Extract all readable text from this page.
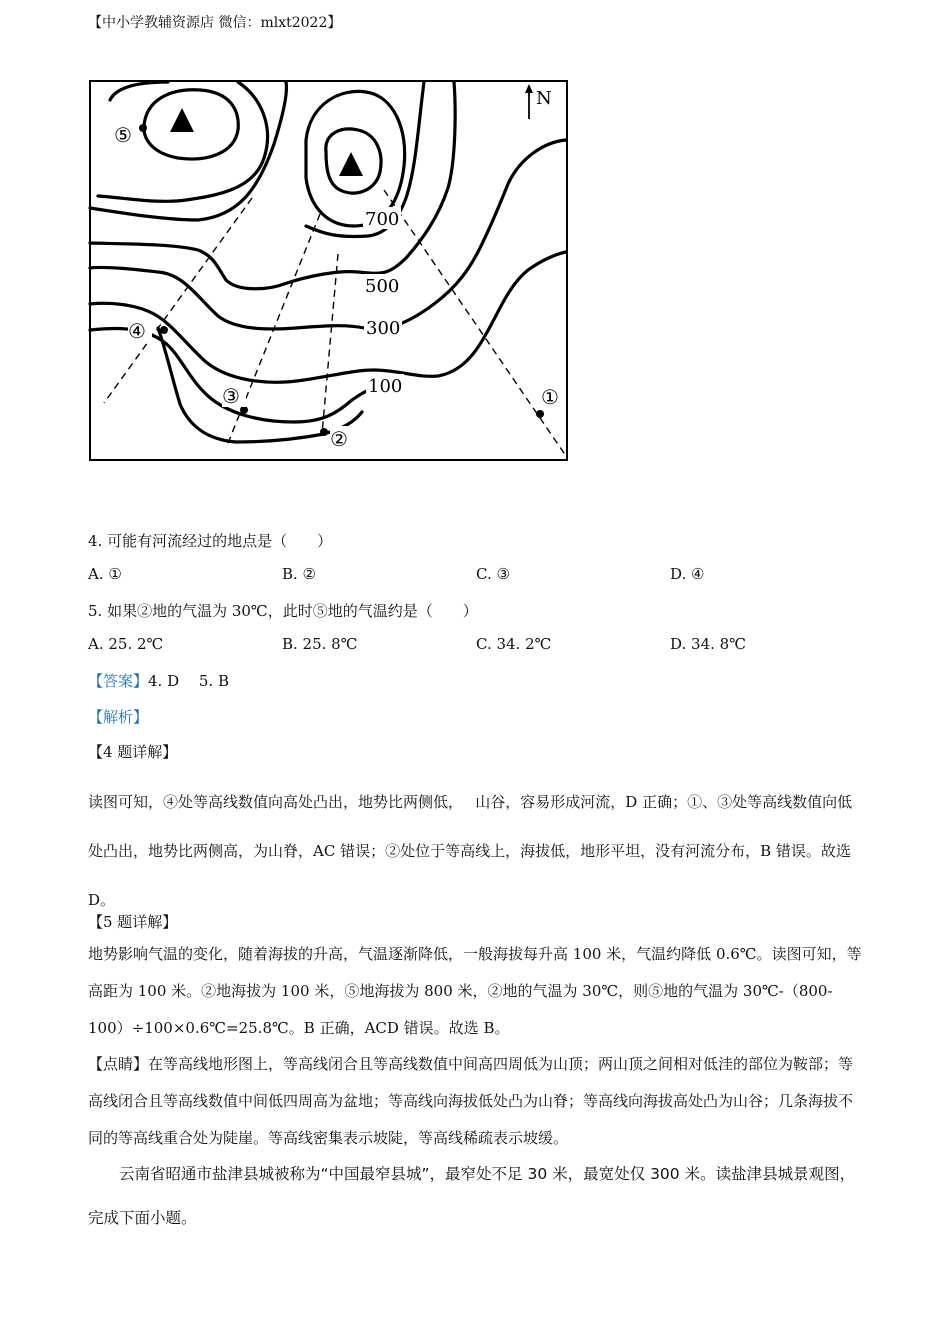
【中小学教辅资源店 微信：mlxt2022】
N
700
500
300
100	①
②
③
④
⑤
4. 可能有河流经过的地点是（　　）
A. ①	B. ②	C. ③	D. ④
5. 如果②地的气温为 30℃，此时⑤地的气温约是（　　）
A. 25. 2℃	B. 25. 8℃	C. 34. 2℃	D. 34. 8℃
【答案】4. D　 5. B
【解析】
【4 题详解】
读图可知，④处等高线数值向高处凸出，地势比两侧低，　 山谷，容易形成河流，D 正确；①、③处等高线数值向低处凸出，地势比两侧高，为山脊，AC 错误；②处位于等高线上，海拔低，地形平坦，没有河流分布，B 错误。故选 D。
【5 题详解】
地势影响气温的变化，随着海拔的升高，气温逐渐降低，一般海拔每升高 100 米，气温约降低 0.6℃。读图可知，等高距为 100 米。②地海拔为 100 米，⑤地海拔为 800 米，②地的气温为 30℃，则⑤地的气温为 30℃-（800-100）÷100×0.6℃=25.8℃。B 正确，ACD 错误。故选 B。
【点睛】在等高线地形图上，等高线闭合且等高线数值中间高四周低为山顶；两山顶之间相对低洼的部位为鞍部；等高线闭合且等高线数值中间低四周高为盆地；等高线向海拔低处凸为山脊；等高线向海拔高处凸为山谷；几条海拔不同的等高线重合处为陡崖。等高线密集表示坡陡，等高线稀疏表示坡缓。
云南省昭通市盐津县城被称为“中国最窄县城”，最窄处不足 30 米，最宽处仅 300 米。读盐津县城景观图，完成下面小题。
